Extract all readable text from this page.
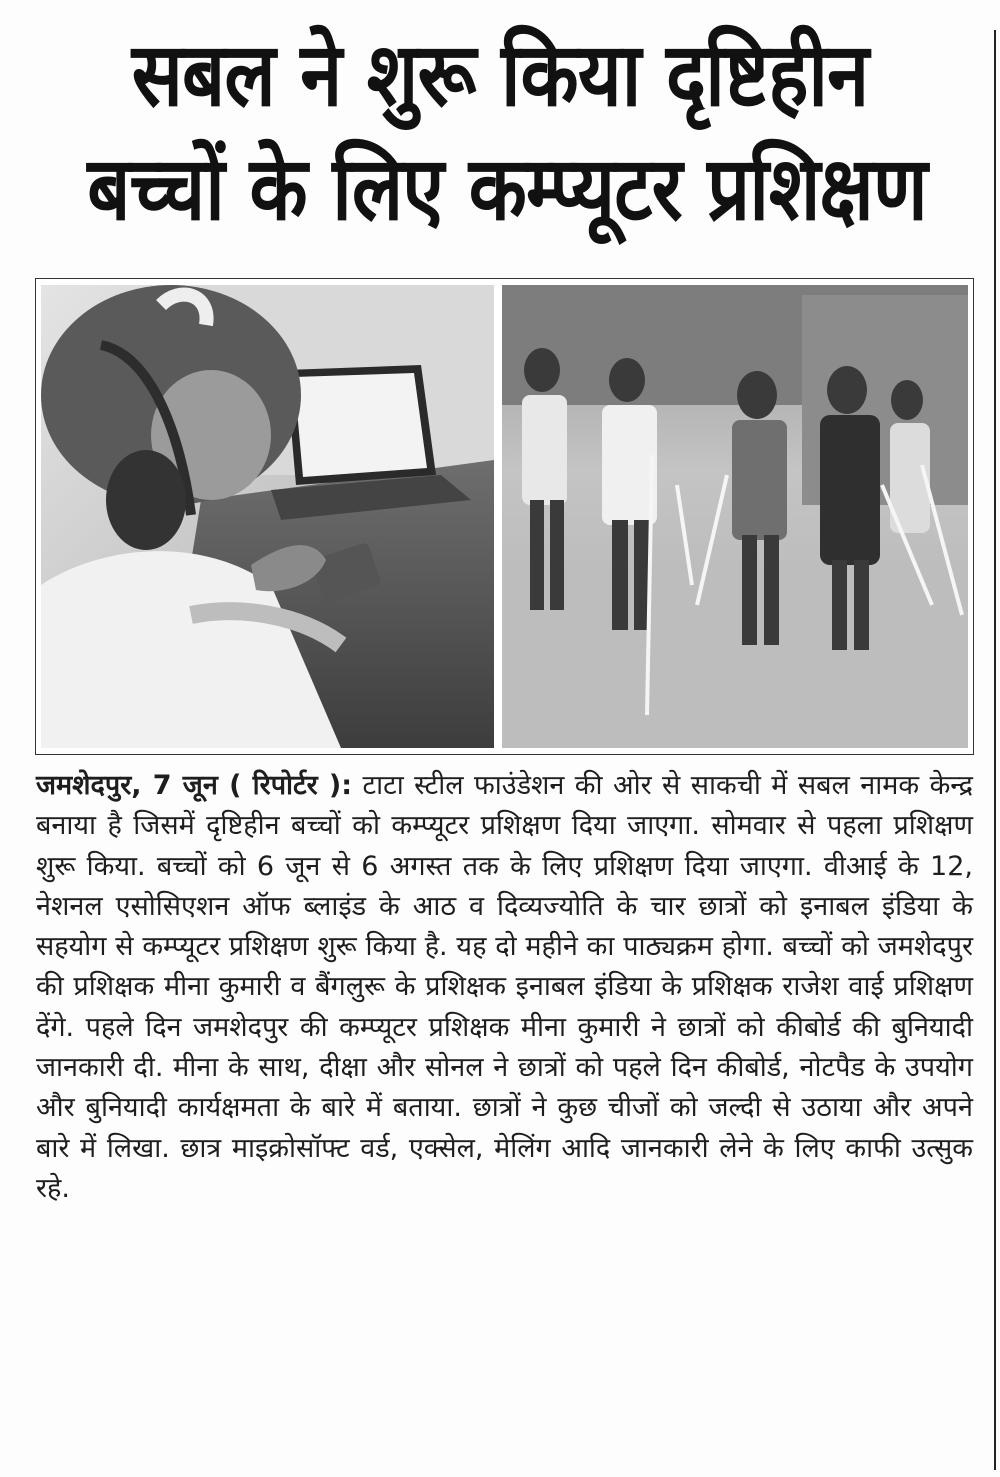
सबल ने शुरू किया दृष्टिहीन
बच्चों के लिए कम्प्यूटर प्रशिक्षण

जमशेदपुर, 7 जून ( रिपोर्टर ): टाटा स्टील फाउंडेशन की ओर से साकची में सबल नामक केन्द्र बनाया है जिसमें दृष्टिहीन बच्चों को कम्प्यूटर प्रशिक्षण दिया जाएगा. सोमवार से पहला प्रशिक्षण शुरू किया. बच्चों को 6 जून से 6 अगस्त तक के लिए प्रशिक्षण दिया जाएगा. वीआई के 12, नेशनल एसोसिएशन ऑफ ब्लाइंड के आठ व दिव्यज्योति के चार छात्रों को इनाबल इंडिया के सहयोग से कम्प्यूटर प्रशिक्षण शुरू किया है. यह दो महीने का पाठ्यक्रम होगा. बच्चों को जमशेदपुर की प्रशिक्षक मीना कुमारी व बैंगलुरू के प्रशिक्षक इनाबल इंडिया के प्रशिक्षक राजेश वाई प्रशिक्षण देंगे. पहले दिन जमशेदपुर की कम्प्यूटर प्रशिक्षक मीना कुमारी ने छात्रों को कीबोर्ड की बुनियादी जानकारी दी. मीना के साथ, दीक्षा और सोनल ने छात्रों को पहले दिन कीबोर्ड, नोटपैड के उपयोग और बुनियादी कार्यक्षमता के बारे में बताया. छात्रों ने कुछ चीजों को जल्दी से उठाया और अपने बारे में लिखा. छात्र माइक्रोसॉफ्ट वर्ड, एक्सेल, मेलिंग आदि जानकारी लेने के लिए काफी उत्सुक रहे.
